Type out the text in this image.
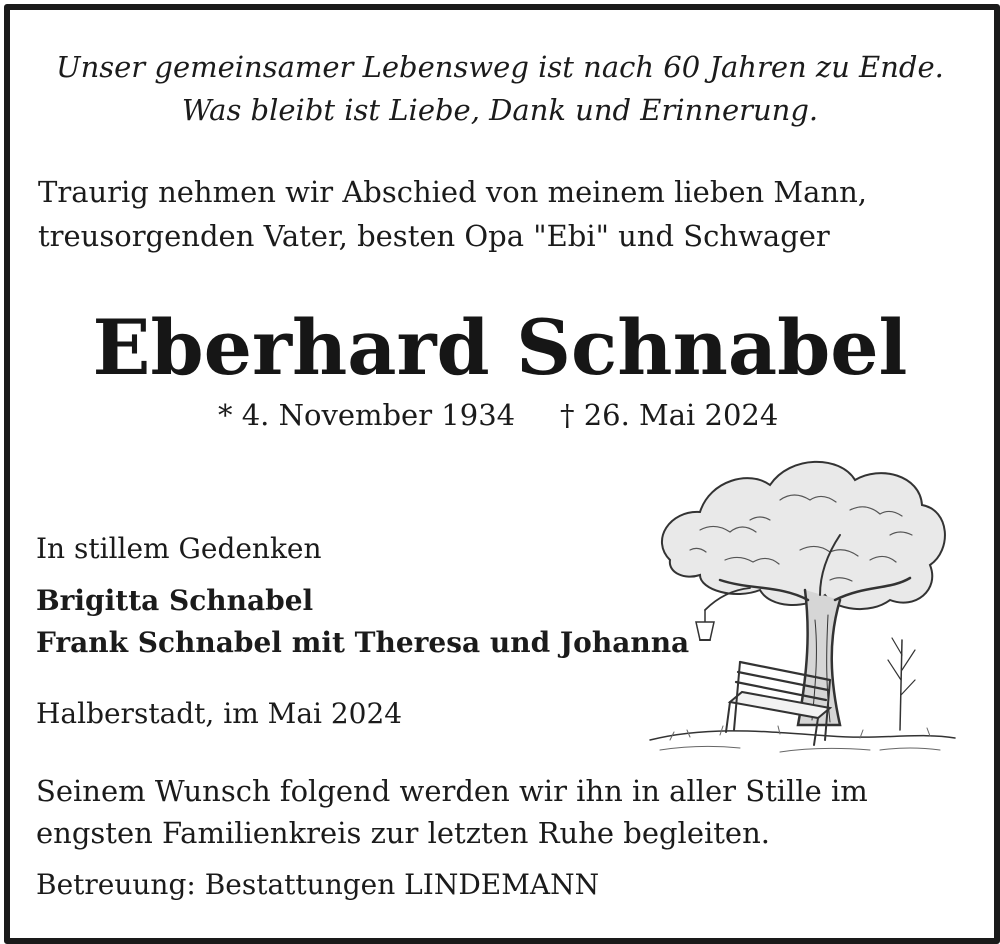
Unser gemeinsamer Lebensweg ist nach 60 Jahren zu Ende.
Was bleibt ist Liebe, Dank und Erinnerung.
Traurig nehmen wir Abschied von meinem lieben Mann,
treusorgenden Vater, besten Opa "Ebi" und Schwager
Eberhard Schnabel
* 4. November 1934 † 26. Mai 2024
In stillem Gedenken
Brigitta Schnabel
Frank Schnabel mit Theresa und Johanna
Halberstadt, im Mai 2024
Seinem Wunsch folgend werden wir ihn in aller Stille im
engsten Familienkreis zur letzten Ruhe begleiten.
Betreuung: Bestattungen LINDEMANN
